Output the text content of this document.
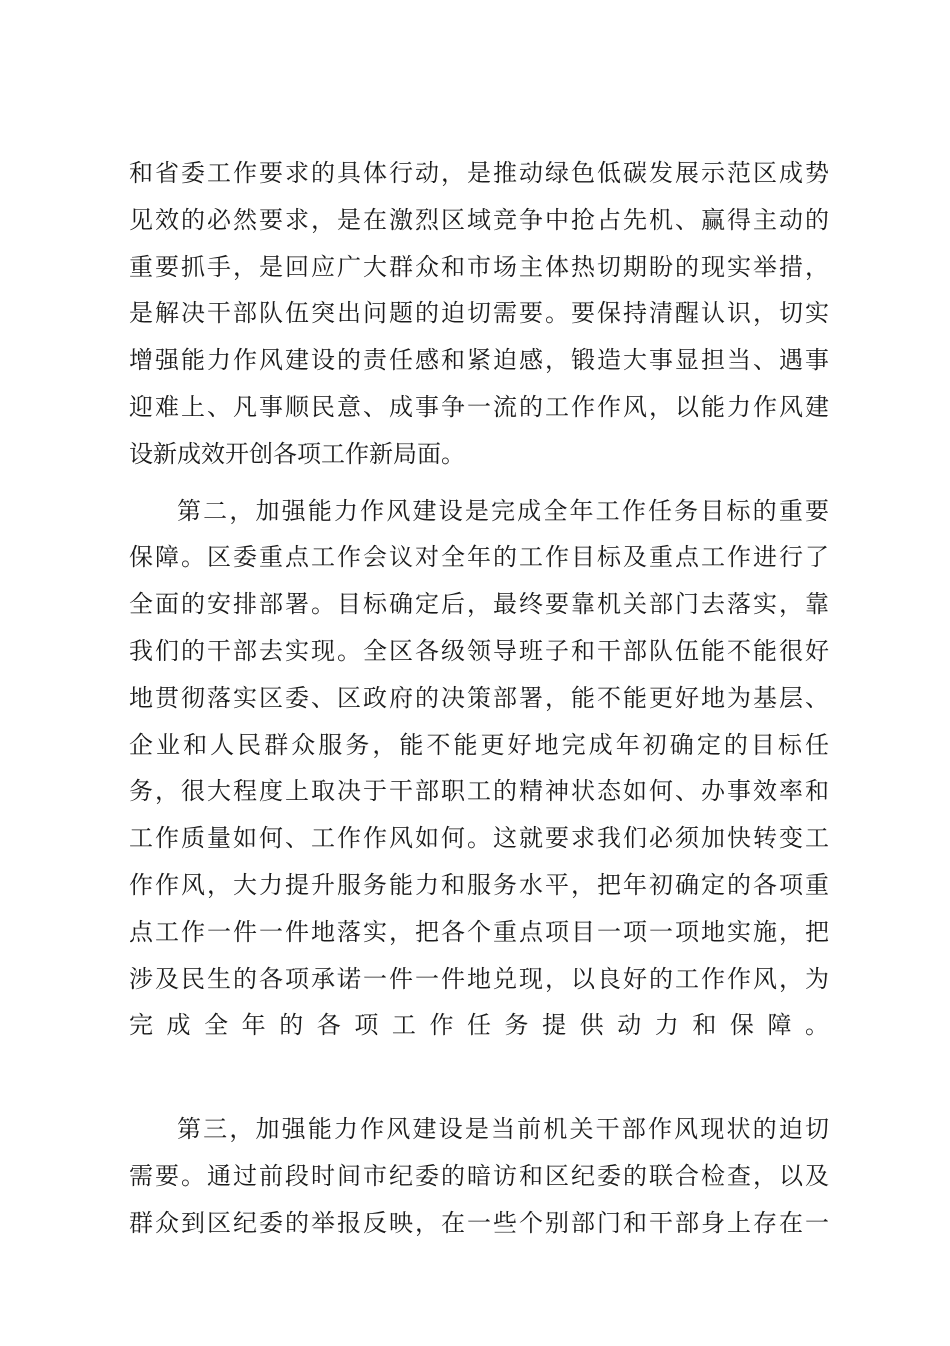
和省委工作要求的具体行动，是推动绿色低碳发展示范区成势
见效的必然要求，是在激烈区域竞争中抢占先机、赢得主动的
重要抓手，是回应广大群众和市场主体热切期盼的现实举措，
是解决干部队伍突出问题的迫切需要。要保持清醒认识，切实
增强能力作风建设的责任感和紧迫感，锻造大事显担当、遇事
迎难上、凡事顺民意、成事争一流的工作作风，以能力作风建
设新成效开创各项工作新局面。
第二，加强能力作风建设是完成全年工作任务目标的重要
保障。区委重点工作会议对全年的工作目标及重点工作进行了
全面的安排部署。目标确定后，最终要靠机关部门去落实，靠
我们的干部去实现。全区各级领导班子和干部队伍能不能很好
地贯彻落实区委、区政府的决策部署，能不能更好地为基层、
企业和人民群众服务，能不能更好地完成年初确定的目标任
务，很大程度上取决于干部职工的精神状态如何、办事效率和
工作质量如何、工作作风如何。这就要求我们必须加快转变工
作作风，大力提升服务能力和服务水平，把年初确定的各项重
点工作一件一件地落实，把各个重点项目一项一项地实施，把
涉及民生的各项承诺一件一件地兑现，以良好的工作作风，为
完成全年的各项工作任务提供动力和保障。
第三，加强能力作风建设是当前机关干部作风现状的迫切
需要。通过前段时间市纪委的暗访和区纪委的联合检查，以及
群众到区纪委的举报反映，在一些个别部门和干部身上存在一
